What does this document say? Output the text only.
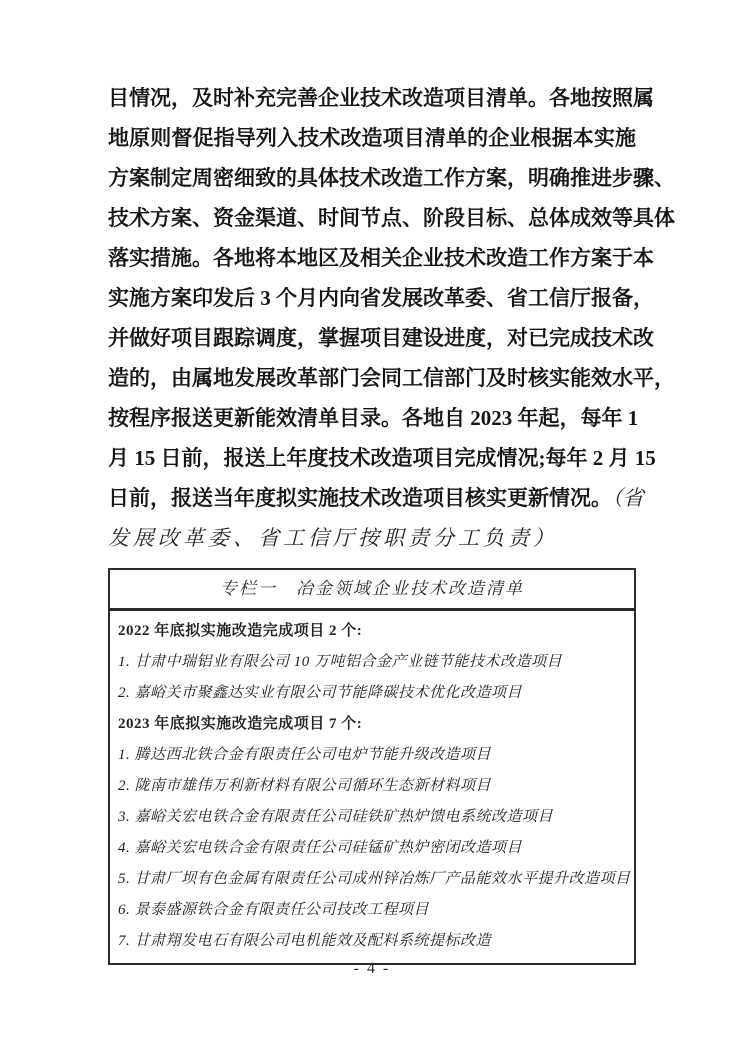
目情况，及时补充完善企业技术改造项目清单。各地按照属
地原则督促指导列入技术改造项目清单的企业根据本实施
方案制定周密细致的具体技术改造工作方案，明确推进步骤、
技术方案、资金渠道、时间节点、阶段目标、总体成效等具体
落实措施。各地将本地区及相关企业技术改造工作方案于本
实施方案印发后 3 个月内向省发展改革委、省工信厅报备，
并做好项目跟踪调度，掌握项目建设进度，对已完成技术改
造的，由属地发展改革部门会同工信部门及时核实能效水平，
按程序报送更新能效清单目录。各地自 2023 年起，每年 1
月 15 日前，报送上年度技术改造项目完成情况;每年 2 月 15
日前，报送当年度拟实施技术改造项目核实更新情况。（省
发展改革委、省工信厅按职责分工负责）
专栏一　冶金领域企业技术改造清单
2022 年底拟实施改造完成项目 2 个:
1. 甘肃中瑞铝业有限公司 10 万吨铝合金产业链节能技术改造项目
2. 嘉峪关市聚鑫达实业有限公司节能降碳技术优化改造项目
2023 年底拟实施改造完成项目 7 个:
1. 腾达西北铁合金有限责任公司电炉节能升级改造项目
2. 陇南市雄伟万利新材料有限公司循环生态新材料项目
3. 嘉峪关宏电铁合金有限责任公司硅铁矿热炉馈电系统改造项目
4. 嘉峪关宏电铁合金有限责任公司硅锰矿热炉密闭改造项目
5. 甘肃厂坝有色金属有限责任公司成州锌冶炼厂产品能效水平提升改造项目
6. 景泰盛源铁合金有限责任公司技改工程项目
7. 甘肃翔发电石有限公司电机能效及配料系统提标改造
- 4 -
